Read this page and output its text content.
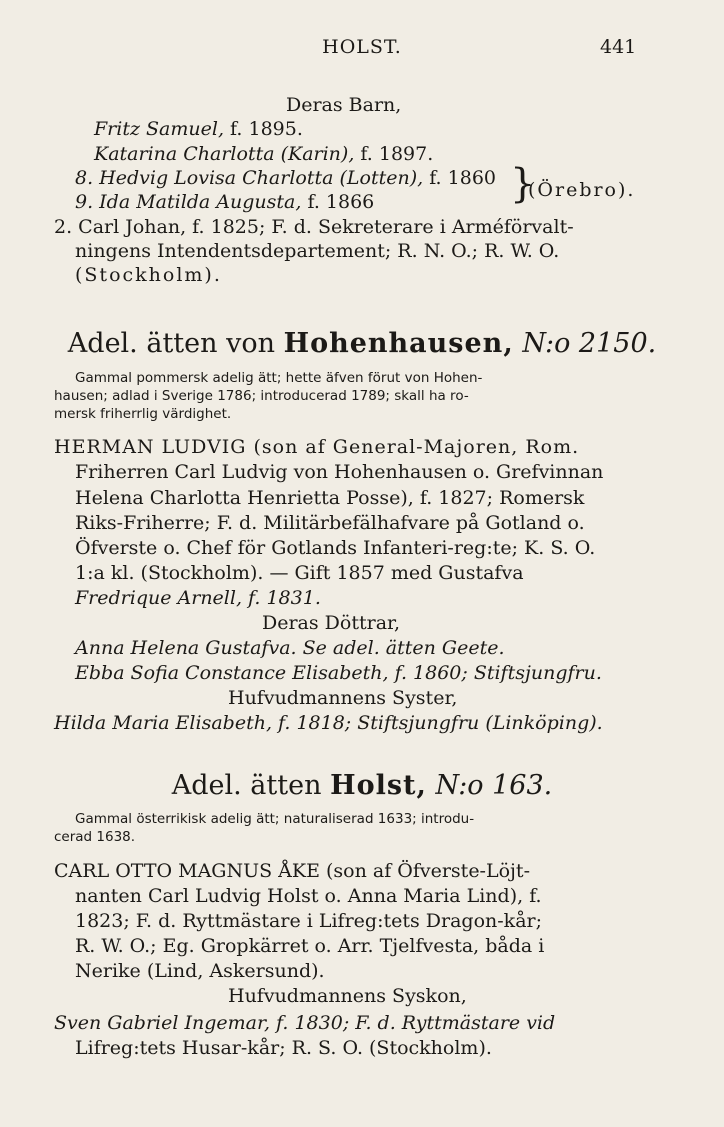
HOLST.	441
Deras Barn,
Fritz Samuel, f. 1895.
Katarina Charlotta (Karin), f. 1897.
8. Hedvig Lovisa Charlotta (Lotten), f. 1860
9. Ida Matilda Augusta, f. 1866	}
(Örebro).
2. Carl Johan, f. 1825; F. d. Sekreterare i Arméförvalt-
ningens Intendentsdepartement; R. N. O.; R. W. O.
(Stockholm).
Adel. ätten von Hohenhausen, N:o 2150.
Gammal pommersk adelig ätt; hette äfven förut von Hohen-
hausen; adlad i Sverige 1786; introducerad 1789; skall ha ro-
mersk friherrlig värdighet.
HERMAN LUDVIG (son af General-Majoren, Rom.
Friherren Carl Ludvig von Hohenhausen o. Grefvinnan
Helena Charlotta Henrietta Posse), f. 1827; Romersk
Riks-Friherre; F. d. Militärbefälhafvare på Gotland o.
Öfverste o. Chef för Gotlands Infanteri-reg:te; K. S. O.
1:a kl. (Stockholm). — Gift 1857 med Gustafva
Fredrique Arnell, f. 1831.
Deras Döttrar,
Anna Helena Gustafva. Se adel. ätten Geete.
Ebba Sofia Constance Elisabeth, f. 1860; Stiftsjungfru.
Hufvudmannens Syster,
Hilda Maria Elisabeth, f. 1818; Stiftsjungfru (Linköping).
Adel. ätten Holst, N:o 163.
Gammal österrikisk adelig ätt; naturaliserad 1633; introdu-
cerad 1638.
CARL OTTO MAGNUS ÅKE (son af Öfverste-Löjt-
nanten Carl Ludvig Holst o. Anna Maria Lind), f.
1823; F. d. Ryttmästare i Lifreg:tets Dragon-kår;
R. W. O.; Eg. Gropkärret o. Arr. Tjelfvesta, båda i
Nerike (Lind, Askersund).
Hufvudmannens Syskon,
Sven Gabriel Ingemar, f. 1830; F. d. Ryttmästare vid
Lifreg:tets Husar-kår; R. S. O. (Stockholm).
